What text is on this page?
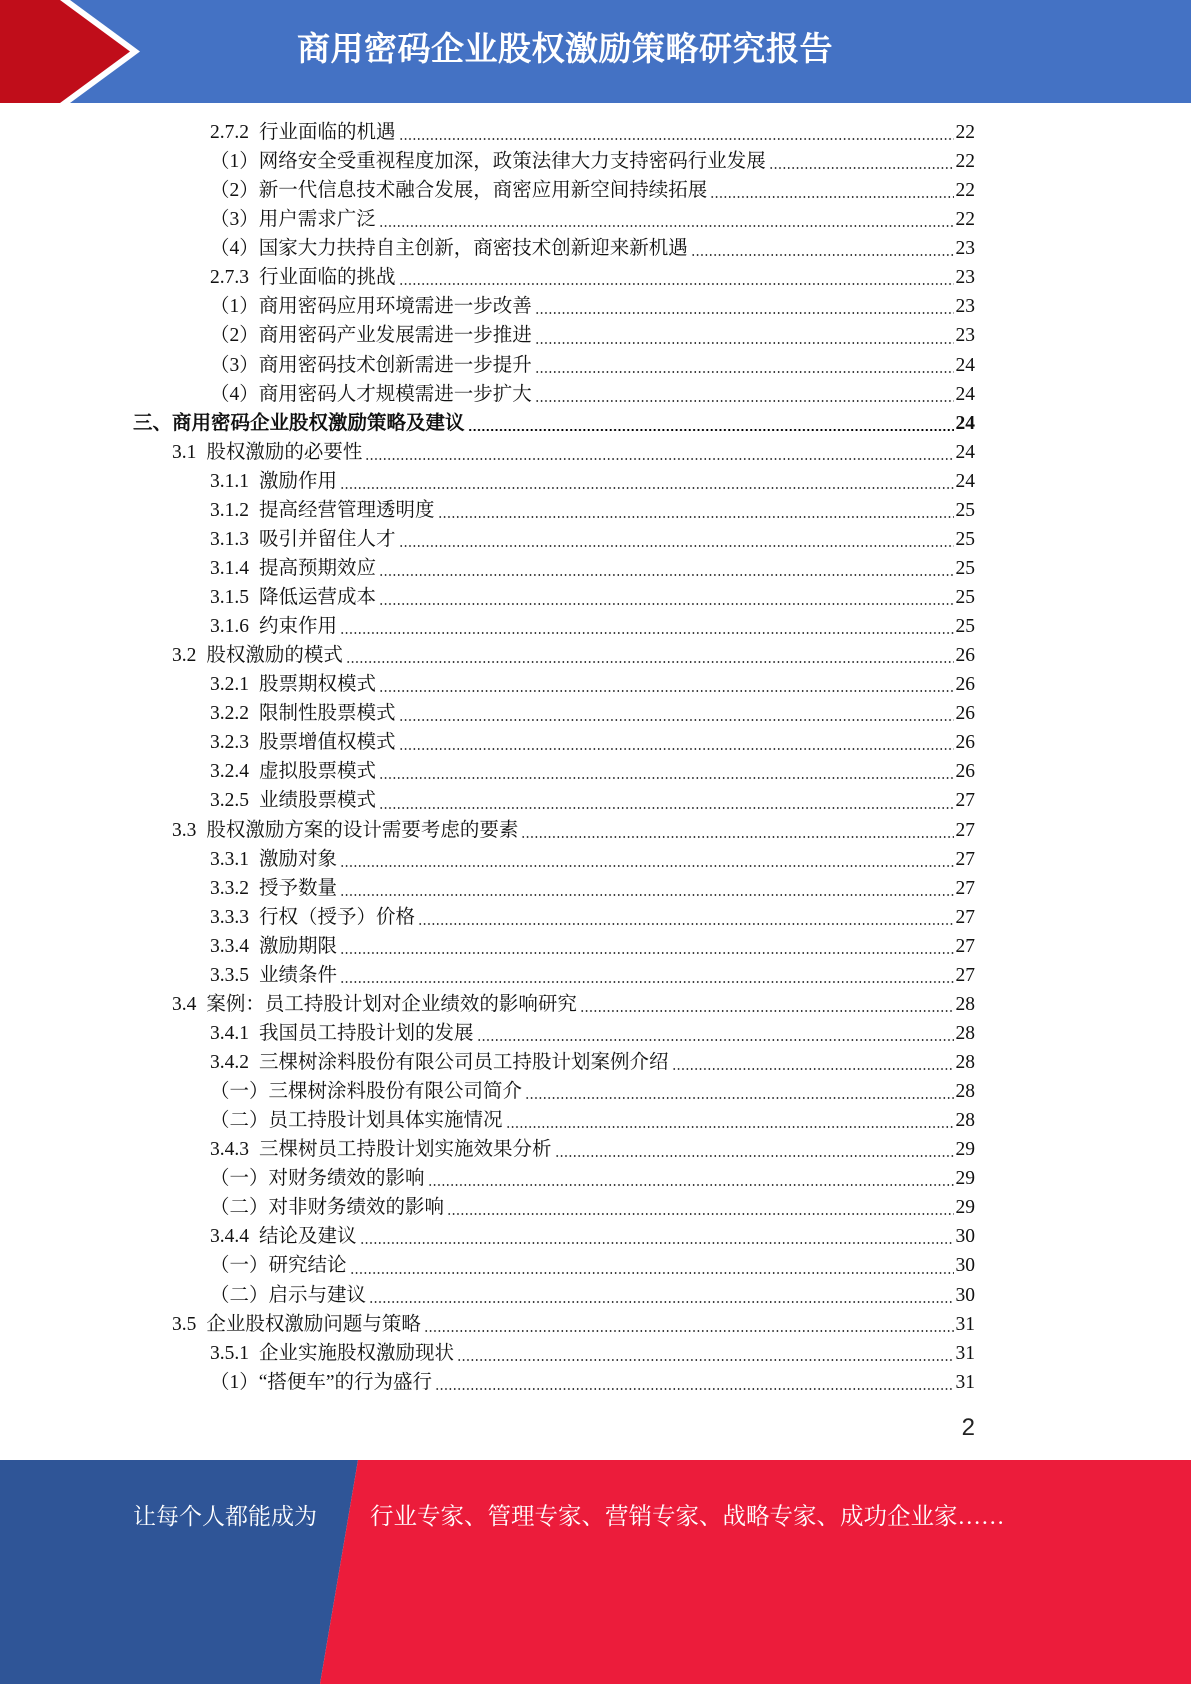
商用密码企业股权激励策略研究报告
2.7.2 行业面临的机遇	22
（1）网络安全受重视程度加深，政策法律大力支持密码行业发展	22
（2）新一代信息技术融合发展，商密应用新空间持续拓展	22
（3）用户需求广泛	22
（4）国家大力扶持自主创新，商密技术创新迎来新机遇	23
2.7.3 行业面临的挑战	23
（1）商用密码应用环境需进一步改善	23
（2）商用密码产业发展需进一步推进	23
（3）商用密码技术创新需进一步提升	24
（4）商用密码人才规模需进一步扩大	24
三、商用密码企业股权激励策略及建议	24
3.1 股权激励的必要性	24
3.1.1 激励作用	24
3.1.2 提高经营管理透明度	25
3.1.3 吸引并留住人才	25
3.1.4 提高预期效应	25
3.1.5 降低运营成本	25
3.1.6 约束作用	25
3.2 股权激励的模式	26
3.2.1 股票期权模式	26
3.2.2 限制性股票模式	26
3.2.3 股票增值权模式	26
3.2.4 虚拟股票模式	26
3.2.5 业绩股票模式	27
3.3 股权激励方案的设计需要考虑的要素	27
3.3.1 激励对象	27
3.3.2 授予数量	27
3.3.3 行权（授予）价格	27
3.3.4 激励期限	27
3.3.5 业绩条件	27
3.4 案例：员工持股计划对企业绩效的影响研究	28
3.4.1 我国员工持股计划的发展	28
3.4.2 三棵树涂料股份有限公司员工持股计划案例介绍	28
（一）三棵树涂料股份有限公司简介	28
（二）员工持股计划具体实施情况	28
3.4.3 三棵树员工持股计划实施效果分析	29
（一）对财务绩效的影响	29
（二）对非财务绩效的影响	29
3.4.4 结论及建议	30
（一）研究结论	30
（二）启示与建议	30
3.5 企业股权激励问题与策略	31
3.5.1 企业实施股权激励现状	31
（1）“搭便车”的行为盛行	31
2
让每个人都能成为 行业专家、管理专家、营销专家、战略专家、成功企业家……
